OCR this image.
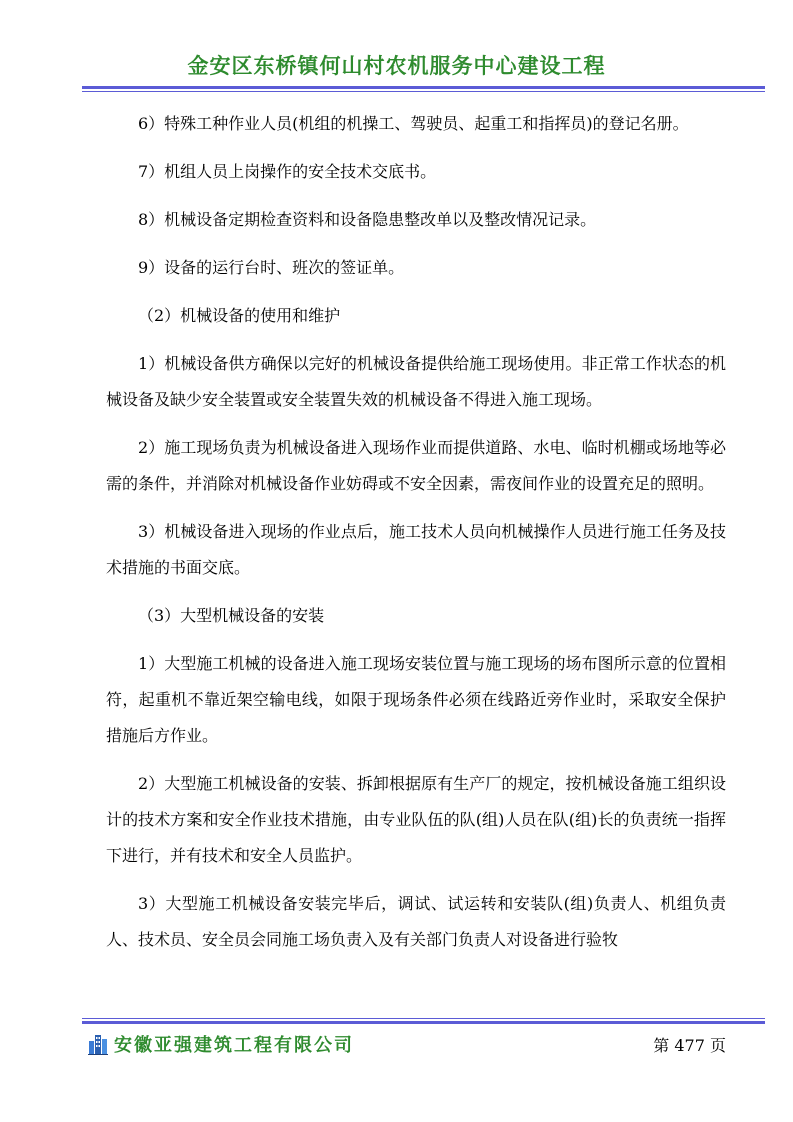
金安区东桥镇何山村农机服务中心建设工程

6）特殊工种作业人员(机组的机操工、驾驶员、起重工和指挥员)的登记名册。

7）机组人员上岗操作的安全技术交底书。

8）机械设备定期检查资料和设备隐患整改单以及整改情况记录。

9）设备的运行台时、班次的签证单。

（2）机械设备的使用和维护

1）机械设备供方确保以完好的机械设备提供给施工现场使用。非正常工作状态的机械设备及缺少安全装置或安全装置失效的机械设备不得进入施工现场。

2）施工现场负责为机械设备进入现场作业而提供道路、水电、临时机棚或场地等必需的条件，并消除对机械设备作业妨碍或不安全因素，需夜间作业的设置充足的照明。

3）机械设备进入现场的作业点后，施工技术人员向机械操作人员进行施工任务及技术措施的书面交底。

（3）大型机械设备的安装

1）大型施工机械的设备进入施工现场安装位置与施工现场的场布图所示意的位置相符，起重机不靠近架空输电线，如限于现场条件必须在线路近旁作业时，采取安全保护措施后方作业。

2）大型施工机械设备的安装、拆卸根据原有生产厂的规定，按机械设备施工组织设计的技术方案和安全作业技术措施，由专业队伍的队(组)人员在队(组)长的负责统一指挥下进行，并有技术和安全人员监护。

3）大型施工机械设备安装完毕后，调试、试运转和安装队(组)负责人、机组负责人、技术员、安全员会同施工场负责入及有关部门负责人对设备进行验牧

安徽亚强建筑工程有限公司	第 477 页
